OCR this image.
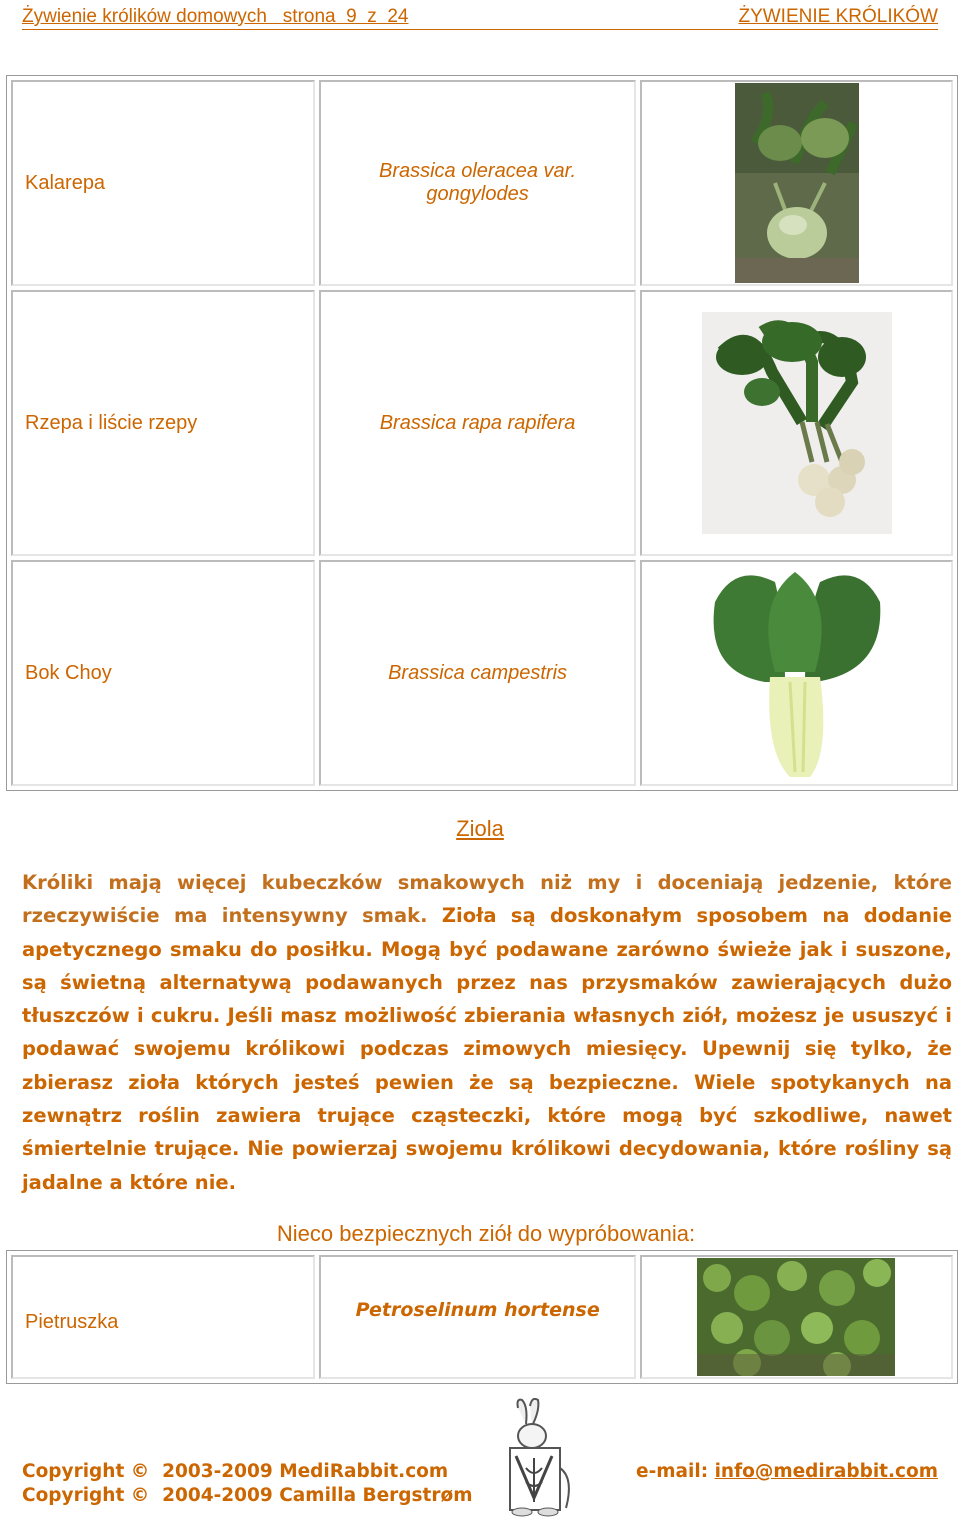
Żywienie królików domowych   strona  9  z  24	ŻYWIENIE KRÓLIKÓW
Kalarepa	Brassica oleracea var. gongylodes	
Rzepa i liście rzepy	Brassica rapa rapifera	
Bok Choy	Brassica campestris	
Ziola
Króliki mają więcej kubeczków smakowych niż my i doceniają jedzenie, które rzeczywiście ma intensywny smak. Zioła są doskonałym sposobem na dodanie apetycznego smaku do posiłku. Mogą być podawane zarówno świeże jak i suszone, są świetną alternatywą podawanych przez nas przysmaków zawierających dużo tłuszczów i cukru. Jeśli masz możliwość zbierania własnych ziół, możesz je ususzyć i podawać swojemu królikowi podczas zimowych miesięcy. Upewnij się tylko, że zbierasz zioła których jesteś pewien że są bezpieczne. Wiele spotykanych na zewnątrz roślin zawiera trujące cząsteczki, które mogą być szkodliwe, nawet śmiertelnie trujące. Nie powierzaj swojemu królikowi decydowania, które rośliny są jadalne a które nie.
Nieco bezpiecznych ziół do wypróbowania:
Pietruszka	Petroselinum hortense	
Copyright ©  2003-2009 MediRabbit.com
Copyright ©  2004-2009 Camilla Bergstrøm
e-mail: info@medirabbit.com
